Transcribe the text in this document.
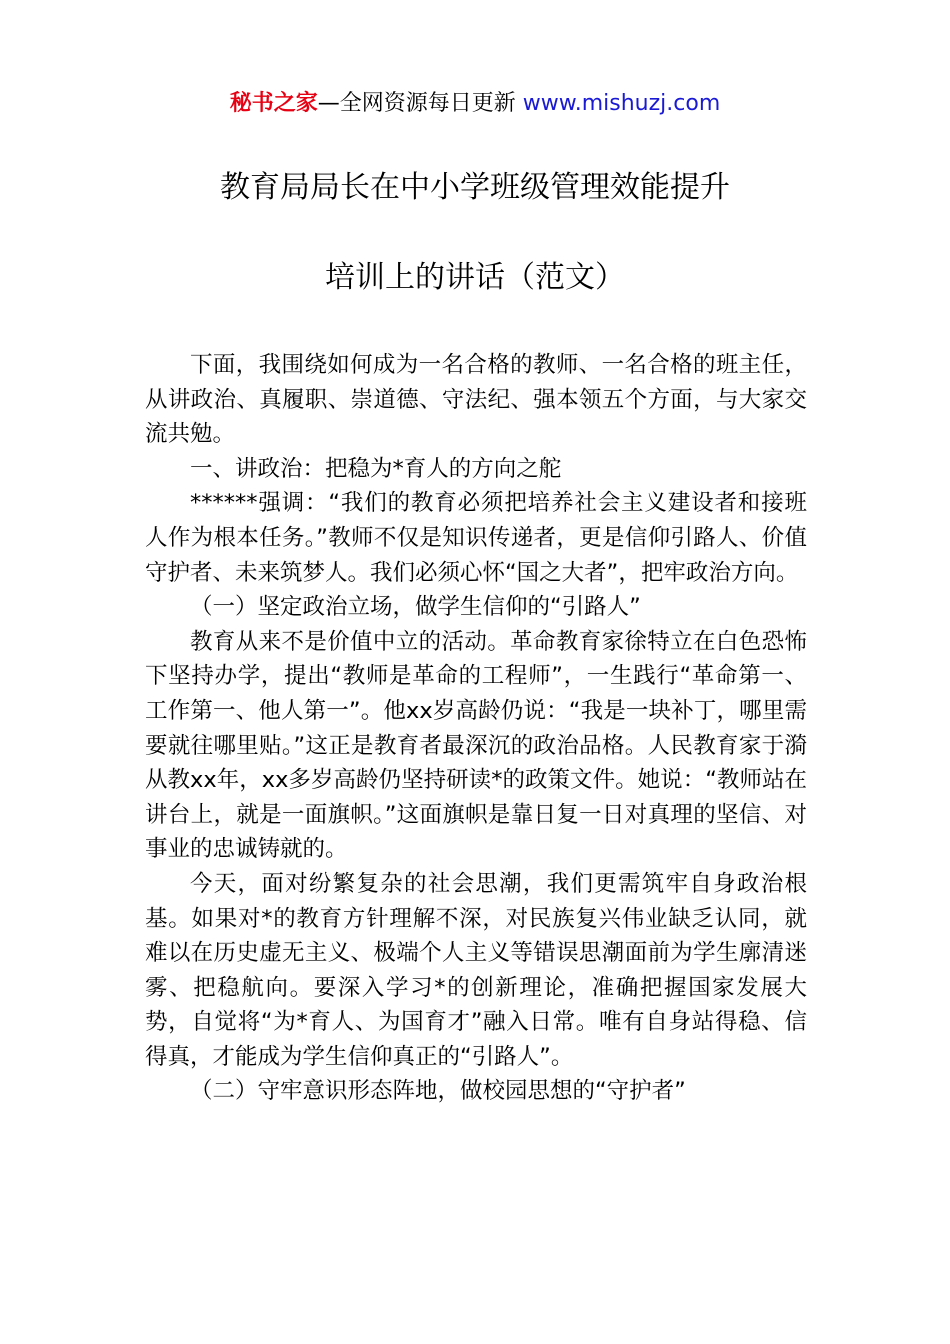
秘书之家—全网资源每日更新 www.mishuzj.com
教育局局长在中小学班级管理效能提升
培训上的讲话（范文）

下面，我围绕如何成为一名合格的教师、一名合格的班主任，从讲政治、真履职、崇道德、守法纪、强本领五个方面，与大家交流共勉。

一、讲政治：把稳为*育人的方向之舵

******强调：“我们的教育必须把培养社会主义建设者和接班人作为根本任务。”教师不仅是知识传递者，更是信仰引路人、价值守护者、未来筑梦人。我们必须心怀“国之大者”，把牢政治方向。

（一）坚定政治立场，做学生信仰的“引路人”

教育从来不是价值中立的活动。革命教育家徐特立在白色恐怖下坚持办学，提出“教师是革命的工程师”，一生践行“革命第一、工作第一、他人第一”。他xx岁高龄仍说：“我是一块补丁，哪里需要就往哪里贴。”这正是教育者最深沉的政治品格。人民教育家于漪从教xx年，xx多岁高龄仍坚持研读*的政策文件。她说：“教师站在讲台上，就是一面旗帜。”这面旗帜是靠日复一日对真理的坚信、对事业的忠诚铸就的。

今天，面对纷繁复杂的社会思潮，我们更需筑牢自身政治根基。如果对*的教育方针理解不深，对民族复兴伟业缺乏认同，就难以在历史虚无主义、极端个人主义等错误思潮面前为学生廓清迷雾、把稳航向。要深入学习*的创新理论，准确把握国家发展大势，自觉将“为*育人、为国育才”融入日常。唯有自身站得稳、信得真，才能成为学生信仰真正的“引路人”。

（二）守牢意识形态阵地，做校园思想的“守护者”
